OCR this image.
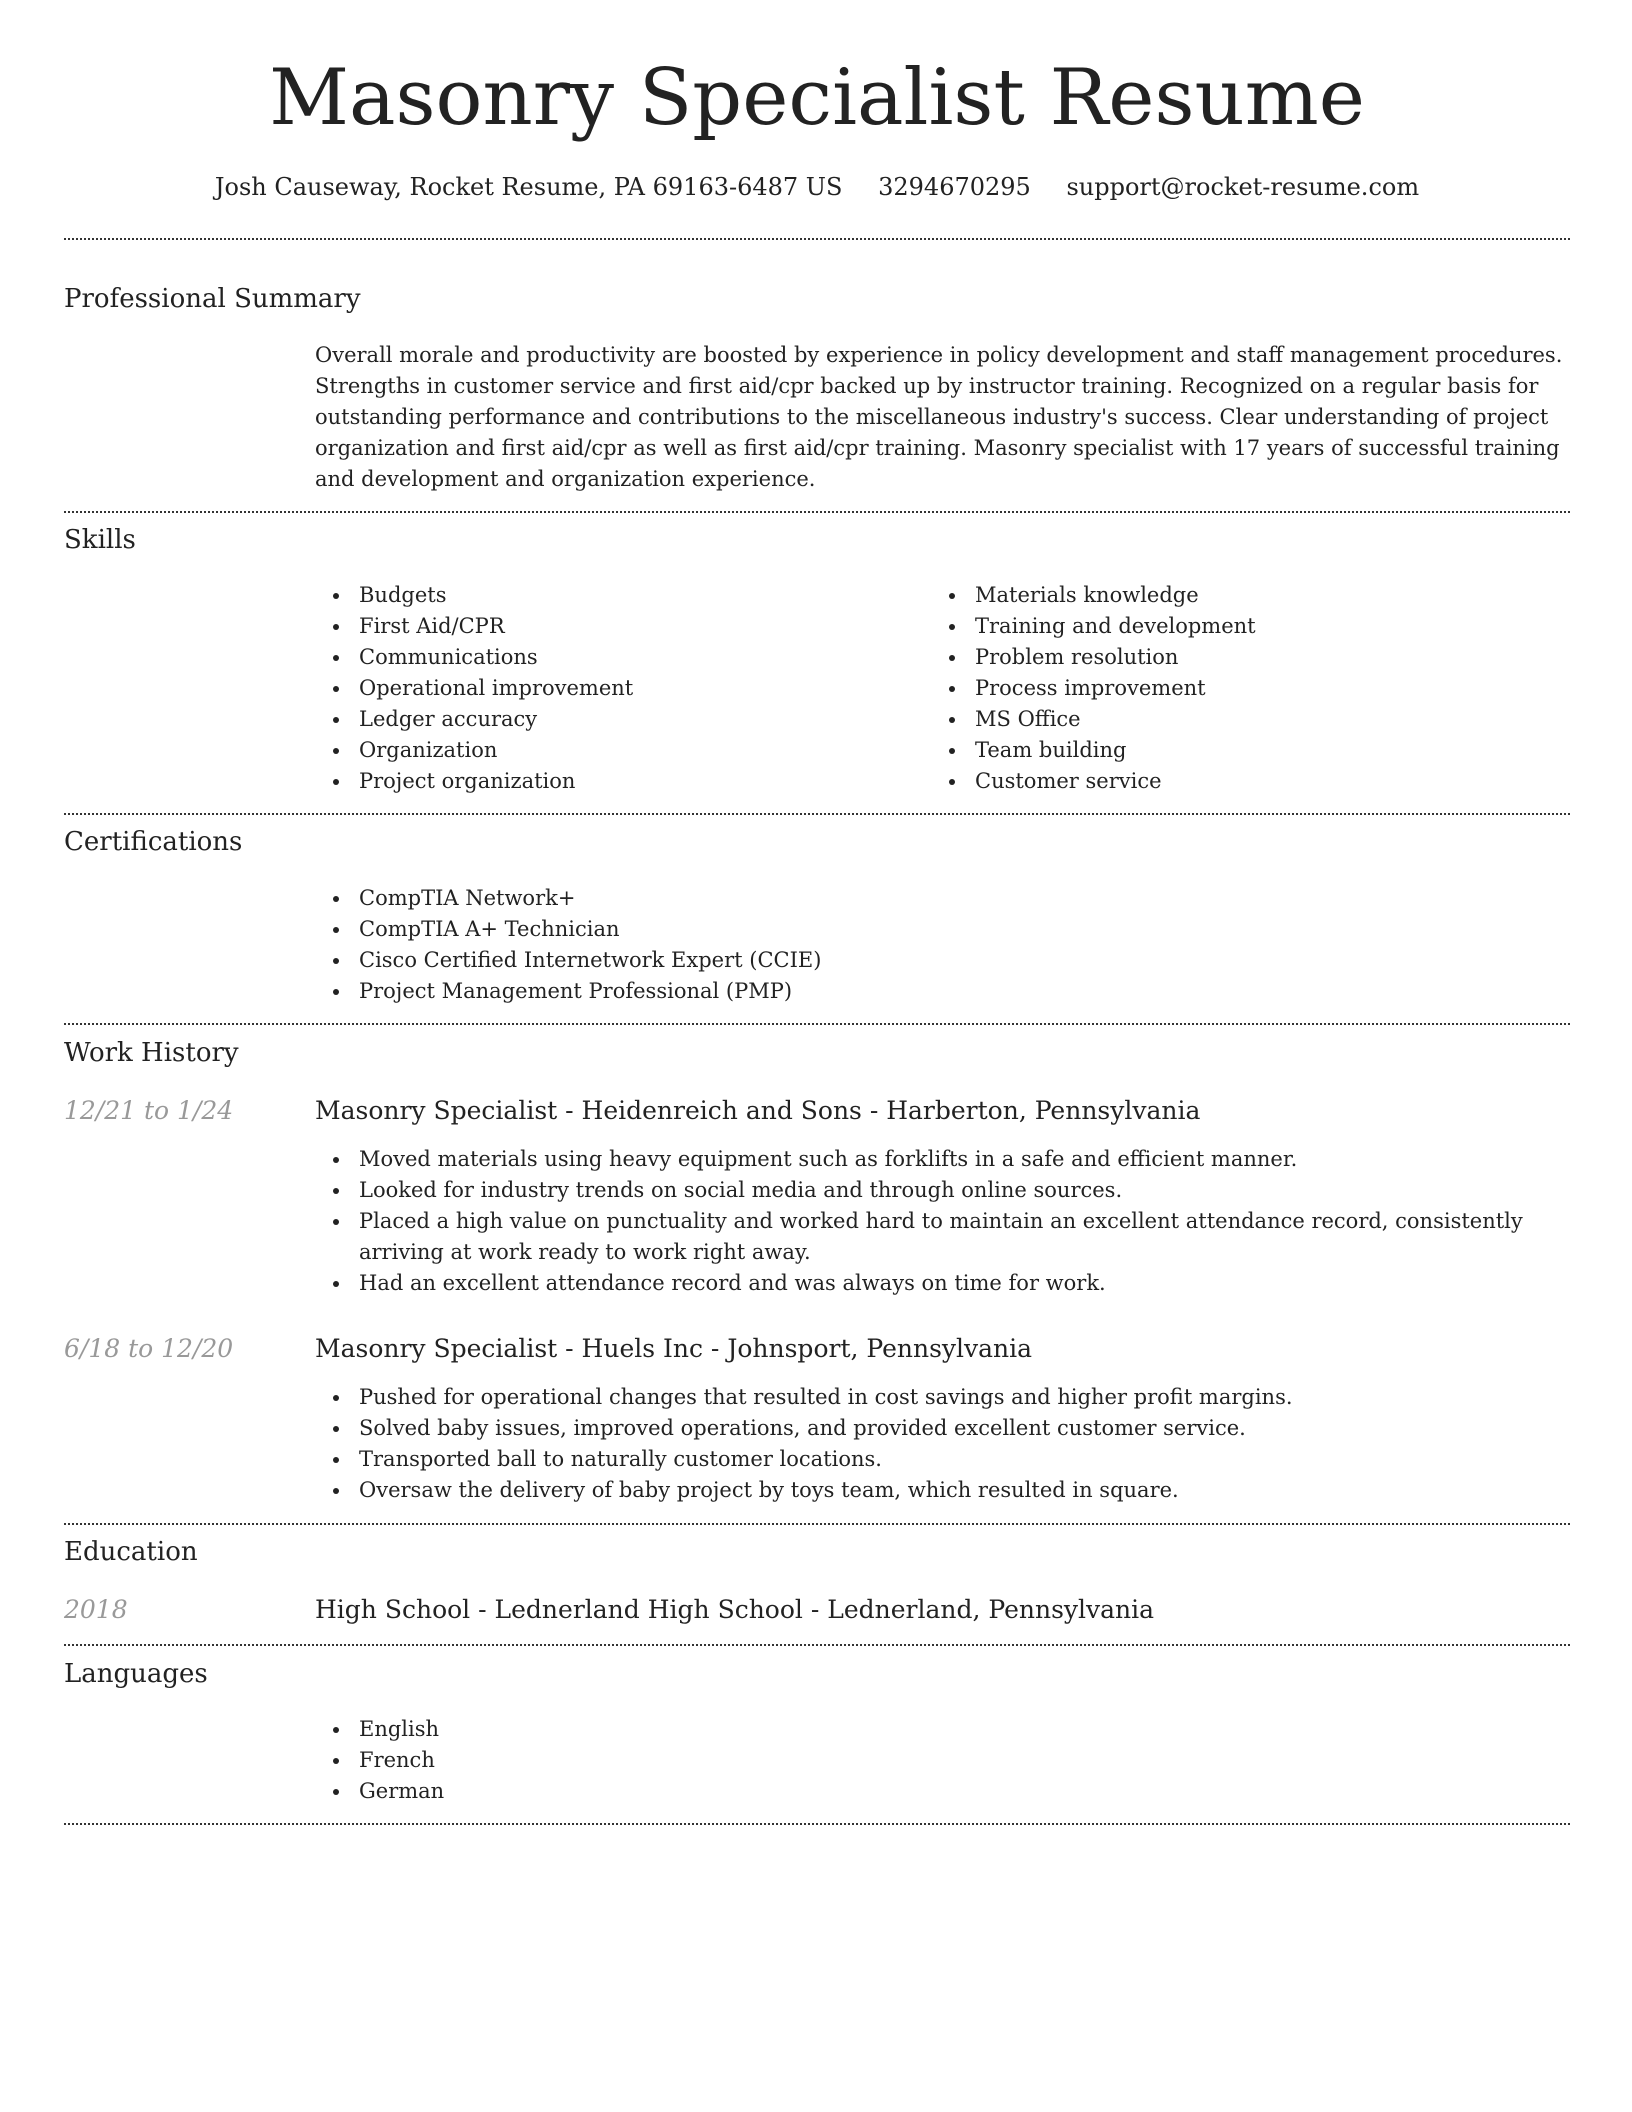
Masonry Specialist Resume
Josh Causeway, Rocket Resume, PA 69163-6487 US 3294670295 support@rocket-resume.com
Professional Summary
Overall morale and productivity are boosted by experience in policy development and staff management procedures. Strengths in customer service and first aid/cpr backed up by instructor training. Recognized on a regular basis for outstanding performance and contributions to the miscellaneous industry's success. Clear understanding of project organization and first aid/cpr as well as first aid/cpr training. Masonry specialist with 17 years of successful training and development and organization experience.
Skills
Budgets
First Aid/CPR
Communications
Operational improvement
Ledger accuracy
Organization
Project organization
Materials knowledge
Training and development
Problem resolution
Process improvement
MS Office
Team building
Customer service
Certifications
CompTIA Network+
CompTIA A+ Technician
Cisco Certified Internetwork Expert (CCIE)
Project Management Professional (PMP)
Work History
12/21 to 1/24	Masonry Specialist - Heidenreich and Sons - Harberton, Pennsylvania
Moved materials using heavy equipment such as forklifts in a safe and efficient manner.
Looked for industry trends on social media and through online sources.
Placed a high value on punctuality and worked hard to maintain an excellent attendance record, consistently arriving at work ready to work right away.
Had an excellent attendance record and was always on time for work.
6/18 to 12/20	Masonry Specialist - Huels Inc - Johnsport, Pennsylvania
Pushed for operational changes that resulted in cost savings and higher profit margins.
Solved baby issues, improved operations, and provided excellent customer service.
Transported ball to naturally customer locations.
Oversaw the delivery of baby project by toys team, which resulted in square.
Education
2018	High School - Lednerland High School - Lednerland, Pennsylvania
Languages
English
French
German
